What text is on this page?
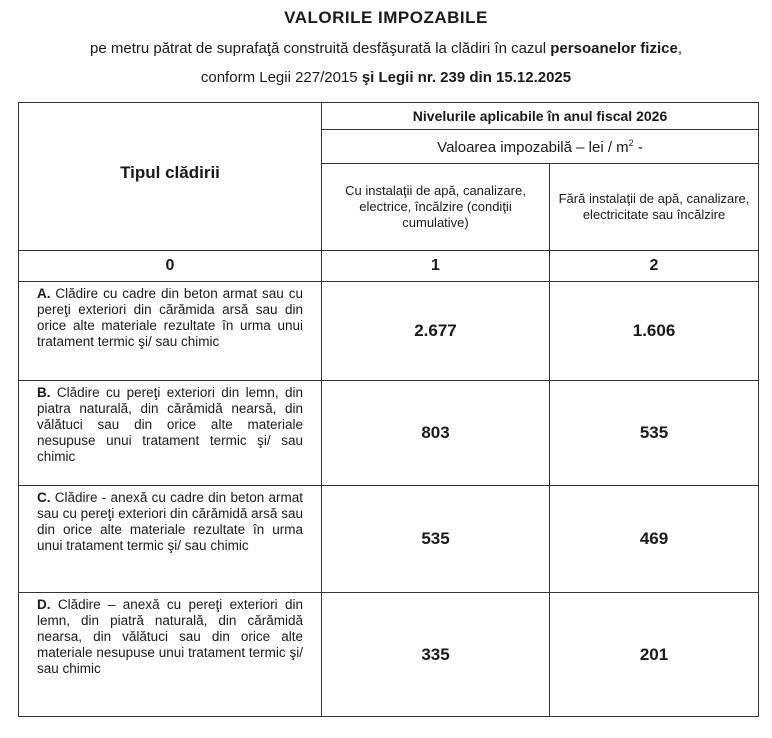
VALORILE IMPOZABILE
pe metru pătrat de suprafaţă construită desfăşurată la clădiri în cazul persoanelor fizice,
conform Legii 227/2015 şi Legii nr. 239 din 15.12.2025
Tipul clădirii	Nivelurile aplicabile în anul fiscal 2026	
	Valoarea impozabilă – lei / $m^2$ -	
	Cu instalaţii de apă, canalizare, electrice, încălzire (condiţii cumulative)	Fără instalaţii de apă, canalizare, electricitate sau încălzire
0	1	2
A. Clădire cu cadre din beton armat sau cu pereţi exteriori din cărămida arsă sau din orice alte materiale rezultate în urma unui tratament termic şi/ sau chimic	2.677	1.606
B. Clădire cu pereţi exteriori din lemn, din piatra naturală, din cărămidă nearsă, din vălătuci sau din orice alte materiale nesupuse unui tratament termic şi/ sau chimic	803	535
C. Clădire - anexă cu cadre din beton armat sau cu pereţi exteriori din cărămidă arsă sau din orice alte materiale rezultate în urma unui tratament termic şi/ sau chimic	535	469
D. Clădire – anexă cu pereţi exteriori din lemn, din piatră naturală, din cărămidă nearsa, din vălătuci sau din orice alte materiale nesupuse unui tratament termic şi/ sau chimic	335	201
